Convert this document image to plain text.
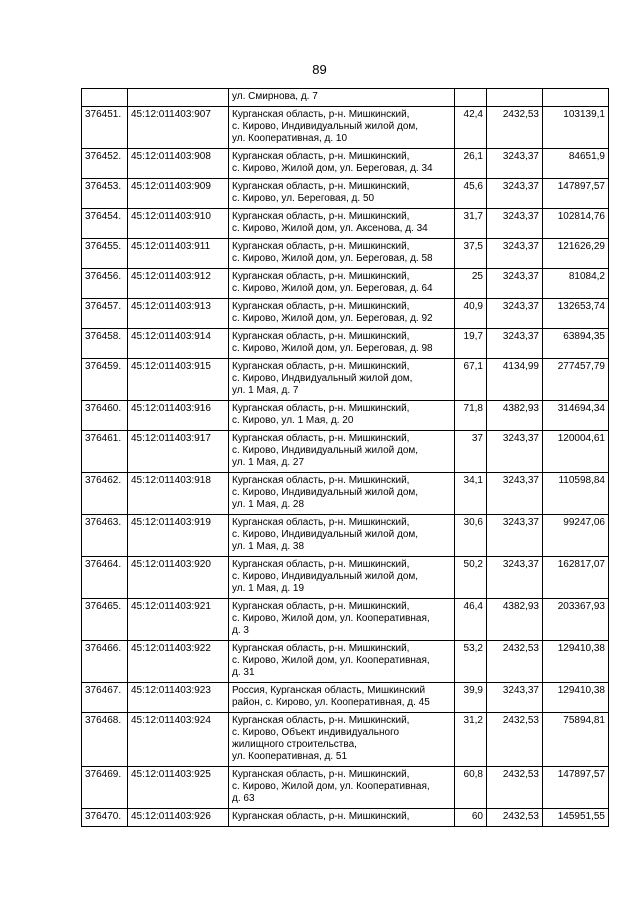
89
		ул. Смирнова, д. 7			
376451.	45:12:011403:907	Курганская область, р-н. Мишкинский,
с. Кирово, Индивидуальный жилой дом,
ул. Кооперативная, д. 10	42,4	2432,53	103139,1
376452.	45:12:011403:908	Курганская область, р-н. Мишкинский,
с. Кирово, Жилой дом, ул. Береговая, д. 34	26,1	3243,37	84651,9
376453.	45:12:011403:909	Курганская область, р-н. Мишкинский,
с. Кирово, ул. Береговая, д. 50	45,6	3243,37	147897,57
376454.	45:12:011403:910	Курганская область, р-н. Мишкинский,
с. Кирово, Жилой дом, ул. Аксенова, д. 34	31,7	3243,37	102814,76
376455.	45:12:011403:911	Курганская область, р-н. Мишкинский,
с. Кирово, Жилой дом, ул. Береговая, д. 58	37,5	3243,37	121626,29
376456.	45:12:011403:912	Курганская область, р-н. Мишкинский,
с. Кирово, Жилой дом, ул. Береговая, д. 64	25	3243,37	81084,2
376457.	45:12:011403:913	Курганская область, р-н. Мишкинский,
с. Кирово, Жилой дом, ул. Береговая, д. 92	40,9	3243,37	132653,74
376458.	45:12:011403:914	Курганская область, р-н. Мишкинский,
с. Кирово, Жилой дом, ул. Береговая, д. 98	19,7	3243,37	63894,35
376459.	45:12:011403:915	Курганская область, р-н. Мишкинский,
с. Кирово, Индвидуальный жилой дом,
ул. 1 Мая, д. 7	67,1	4134,99	277457,79
376460.	45:12:011403:916	Курганская область, р-н. Мишкинский,
с. Кирово, ул. 1 Мая, д. 20	71,8	4382,93	314694,34
376461.	45:12:011403:917	Курганская область, р-н. Мишкинский,
с. Кирово, Индивидуальный жилой дом,
ул. 1 Мая, д. 27	37	3243,37	120004,61
376462.	45:12:011403:918	Курганская область, р-н. Мишкинский,
с. Кирово, Индивидуальный жилой дом,
ул. 1 Мая, д. 28	34,1	3243,37	110598,84
376463.	45:12:011403:919	Курганская область, р-н. Мишкинский,
с. Кирово, Индивидуальный жилой дом,
ул. 1 Мая, д. 38	30,6	3243,37	99247,06
376464.	45:12:011403:920	Курганская область, р-н. Мишкинский,
с. Кирово, Индивидуальный жилой дом,
ул. 1 Мая, д. 19	50,2	3243,37	162817,07
376465.	45:12:011403:921	Курганская область, р-н. Мишкинский,
с. Кирово, Жилой дом, ул. Кооперативная,
д. 3	46,4	4382,93	203367,93
376466.	45:12:011403:922	Курганская область, р-н. Мишкинский,
с. Кирово, Жилой дом, ул. Кооперативная,
д. 31	53,2	2432,53	129410,38
376467.	45:12:011403:923	Россия, Курганская область, Мишкинский
район, с. Кирово, ул. Кооперативная, д. 45	39,9	3243,37	129410,38
376468.	45:12:011403:924	Курганская область, р-н. Мишкинский,
с. Кирово, Объект индивидуального
жилищного строительства,
ул. Кооперативная, д. 51	31,2	2432,53	75894,81
376469.	45:12:011403:925	Курганская область, р-н. Мишкинский,
с. Кирово, Жилой дом, ул. Кооперативная,
д. 63	60,8	2432,53	147897,57
376470.	45:12:011403:926	Курганская область, р-н. Мишкинский,	60	2432,53	145951,55
